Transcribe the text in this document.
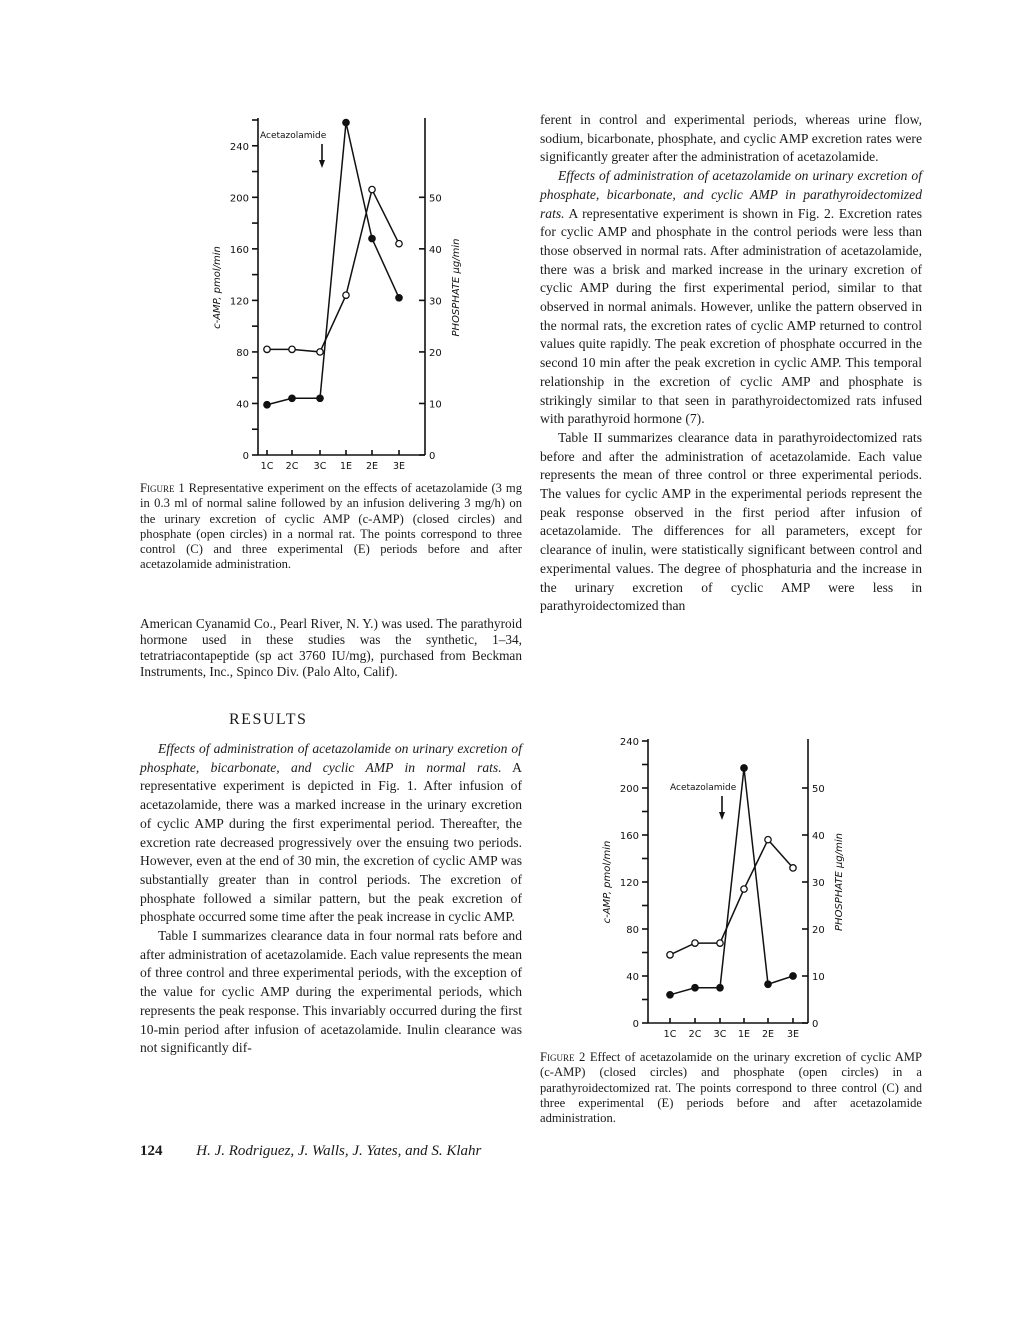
0
40
80
120
160
200
240
0
10
20
30
40
50
1C 2C 3C 1E 2E 3E
c-AMP, pmol/min	PHOSPHATE µg/min
Acetazolamide
Figure 1 Representative experiment on the effects of acetazolamide (3 mg in 0.3 ml of normal saline followed by an infusion delivering 3 mg/h) on the urinary excretion of cyclic AMP (c-AMP) (closed circles) and phosphate (open circles) in a normal rat. The points correspond to three control (C) and three experimental (E) periods before and after acetazolamide administration.

American Cyanamid Co., Pearl River, N. Y.) was used. The parathyroid hormone used in these studies was the synthetic, 1–34, tetratriacontapeptide (sp act 3760 IU/mg), purchased from Beckman Instruments, Inc., Spinco Div. (Palo Alto, Calif).

RESULTS

Effects of administration of acetazolamide on urinary excretion of phosphate, bicarbonate, and cyclic AMP in normal rats. A representative experiment is depicted in Fig. 1. After infusion of acetazolamide, there was a marked increase in the urinary excretion of cyclic AMP during the first experimental period. Thereafter, the excretion rate decreased progressively over the ensuing two periods. However, even at the end of 30 min, the excretion of cyclic AMP was substantially greater than in control periods. The excretion of phosphate followed a similar pattern, but the peak excretion of phosphate occurred some time after the peak increase in cyclic AMP.

Table I summarizes clearance data in four normal rats before and after administration of acetazolamide. Each value represents the mean of three control and three experimental periods, with the exception of the value for cyclic AMP during the experimental periods, which represents the peak response. This invariably occurred during the first 10-min period after infusion of acetazolamide. Inulin clearance was not significantly dif-

ferent in control and experimental periods, whereas urine flow, sodium, bicarbonate, phosphate, and cyclic AMP excretion rates were significantly greater after the administration of acetazolamide.

Effects of administration of acetazolamide on urinary excretion of phosphate, bicarbonate, and cyclic AMP in parathyroidectomized rats. A representative experiment is shown in Fig. 2. Excretion rates for cyclic AMP and phosphate in the control periods were less than those observed in normal rats. After administration of acetazolamide, there was a brisk and marked increase in the urinary excretion of cyclic AMP during the first experimental period, similar to that observed in normal animals. However, unlike the pattern observed in the normal rats, the excretion rates of cyclic AMP returned to control values quite rapidly. The peak excretion of phosphate occurred in the second 10 min after the peak excretion in cyclic AMP. This temporal relationship in the excretion of cyclic AMP and phosphate is strikingly similar to that seen in parathyroidectomized rats infused with parathyroid hormone (7).

Table II summarizes clearance data in parathyroidectomized rats before and after the administration of acetazolamide. Each value represents the mean of three control or three experimental periods. The values for cyclic AMP in the experimental periods represent the peak response observed in the first period after infusion of acetazolamide. The differences for all parameters, except for clearance of inulin, were statistically significant between control and experimental values. The degree of phosphaturia and the increase in the urinary excretion of cyclic AMP were less in parathyroidectomized than

0
40
80
120
160
200
240
0
10
20
30
40
50
1C 2C 3C 1E 2E 3E
c-AMP, pmol/min	PHOSPHATE µg/min
Acetazolamide
Figure 2 Effect of acetazolamide on the urinary excretion of cyclic AMP (c-AMP) (closed circles) and phosphate (open circles) in a parathyroidectomized rat. The points correspond to three control (C) and three experimental (E) periods before and after acetazolamide administration.
124 H. J. Rodriguez, J. Walls, J. Yates, and S. Klahr
